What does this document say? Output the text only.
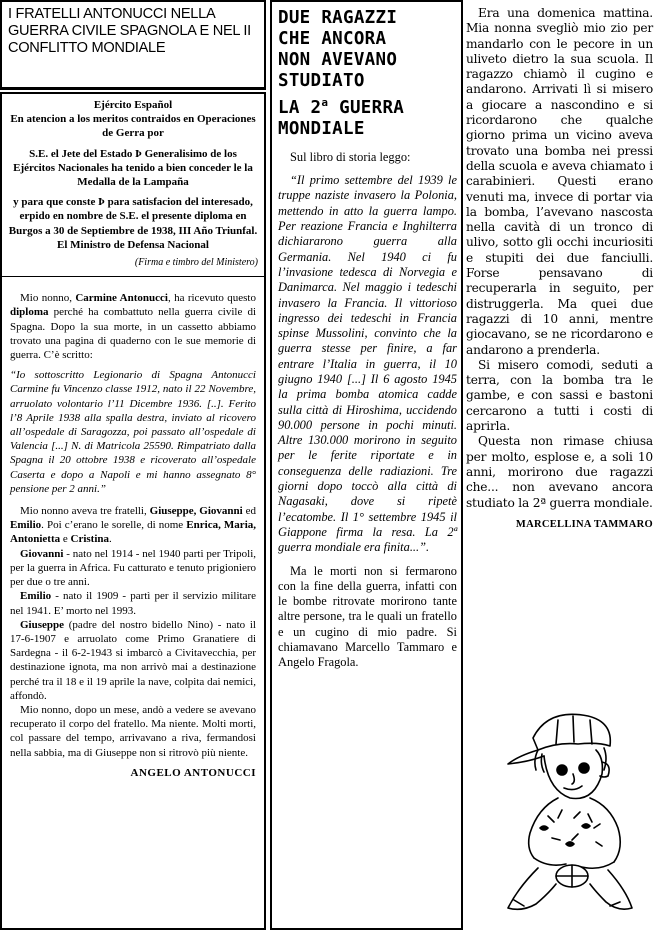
I FRATELLI ANTONUCCI NELLA GUERRA CIVILE SPAGNOLA E NEL II CONFLITTO MONDIALE

Ejército Español

En atencion a los meritos contraidos en Operaciones de Gerra por

S.E. el Jete del Estado Þ Generalisimo de los Ejércitos Nacionales ha tenido a bien conceder le la Medalla de la Lampaña

y para que conste Þ para satisfacion del interesado, erpido en nombre de S.E. el presente diploma en Burgos a 30 de Septiembre de 1938, III Año Triunfal.

El Ministro de Defensa Nacional

(Firma e timbro del Ministero)

Mio nonno, Carmine Antonucci, ha ricevuto questo diploma perché ha combattuto nella guerra civile di Spagna. Dopo la sua morte, in un cassetto abbiamo trovato una pagina di quaderno con le sue memorie di guerra. C’è scritto:

“Io sottoscritto Legionario di Spagna Antonucci Carmine fu Vincenzo classe 1912, nato il 22 Novembre, arruolato volontario l’11 Dicembre 1936. [..]. Ferito l’8 Aprile 1938 alla spalla destra, inviato al ricovero all’ospedale di Saragozza, poi passato all’ospedale di Valencia [...] N. di Matricola 25590. Rimpatriato dalla Spagna il 20 ottobre 1938 e ricoverato all’ospedale Caserta e dopo a Napoli e mi hanno assegnato 8° pensione per 2 anni.”

Mio nonno aveva tre fratelli, Giuseppe, Giovanni ed Emilio. Poi c’erano le sorelle, di nome Enrica, Maria, Antonietta e Cristina.

Giovanni - nato nel 1914 - nel 1940 parti per Tripoli, per la guerra in Africa. Fu catturato e tenuto prigioniero per due o tre anni.

Emilio - nato il 1909 - partì per il servizio militare nel 1941. E’ morto nel 1993.

Giuseppe (padre del nostro bidello Nino) - nato il 17-6-1907 e arruolato come Primo Granatiere di Sardegna - il 6-2-1943 si imbarcò a Civitavecchia, per destinazione ignota, ma non arrivò mai a destinazione perché tra il 18 e il 19 aprile la nave, colpita dai nemici, affondò.

Mio nonno, dopo un mese, andò a vedere se avevano recuperato il corpo del fratello. Ma niente. Molti morti, col passare del tempo, arrivavano a riva, fermandosi nella sabbia, ma di Giuseppe non si ritrovò più niente.

ANGELO ANTONUCCI
DUE RAGAZZI
CHE ANCORA
NON AVEVANO
STUDIATO
LA 2$^a$ GUERRA
MONDIALE

Sul libro di storia leggo:

“Il primo settembre del 1939 le truppe naziste invasero la Polonia, mettendo in atto la guerra lampo. Per reazione Francia e Inghilterra dichiararono guerra alla Germania. Nel 1940 ci fu l’invasione tedesca di Norvegia e Danimarca. Nel maggio i tedeschi invasero la Francia. Il vittorioso ingresso dei tedeschi in Francia spinse Mussolini, convinto che la guerra stesse per finire, a far entrare l’Italia in guerra, il 10 giugno 1940 [...] Il 6 agosto 1945 la prima bomba atomica cadde sulla città di Hiroshima, uccidendo 90.000 persone in pochi minuti. Altre 130.000 morirono in seguito per le ferite riportate e in conseguenza delle radiazioni. Tre giorni dopo toccò alla città di Nagasaki, dove si ripetè l’ecatombe. Il 1° settembre 1945 il Giappone firma la resa. La 2ª guerra mondiale era finita...”.

Ma le morti non si fermarono con la fine della guerra, infatti con le bombe ritrovate morirono tante altre persone, tra le quali un fratello e un cugino di mio padre. Si chiamavano Marcello Tammaro e Angelo Fragola.

Era una domenica mattina. Mia nonna svegliò mio zio per mandarlo con le pecore in un uliveto dietro la sua scuola. Il ragazzo chiamò il cugino e andarono. Arrivati lì si misero a giocare a nascondino e si ricordarono che qualche giorno prima un vicino aveva trovato una bomba nei pressi della scuola e aveva chiamato i carabinieri. Questi erano venuti ma, invece di portar via la bomba, l’avevano nascosta nella cavità di un tronco di ulivo, sotto gli occhi incuriositi e stupiti dei due fanciulli. Forse pensavano di recuperarla in seguito, per distruggerla. Ma quei due ragazzi di 10 anni, mentre giocavano, se ne ricordarono e andarono a prenderla.

Si misero comodi, seduti a terra, con la bomba tra le gambe, e con sassi e bastoni cercarono a tutti i costi di aprirla.

Questa non rimase chiusa per molto, esplose e, a soli 10 anni, morirono due ragazzi che... non avevano ancora studiato la 2ª guerra mondiale.

MARCELLINA TAMMARO
